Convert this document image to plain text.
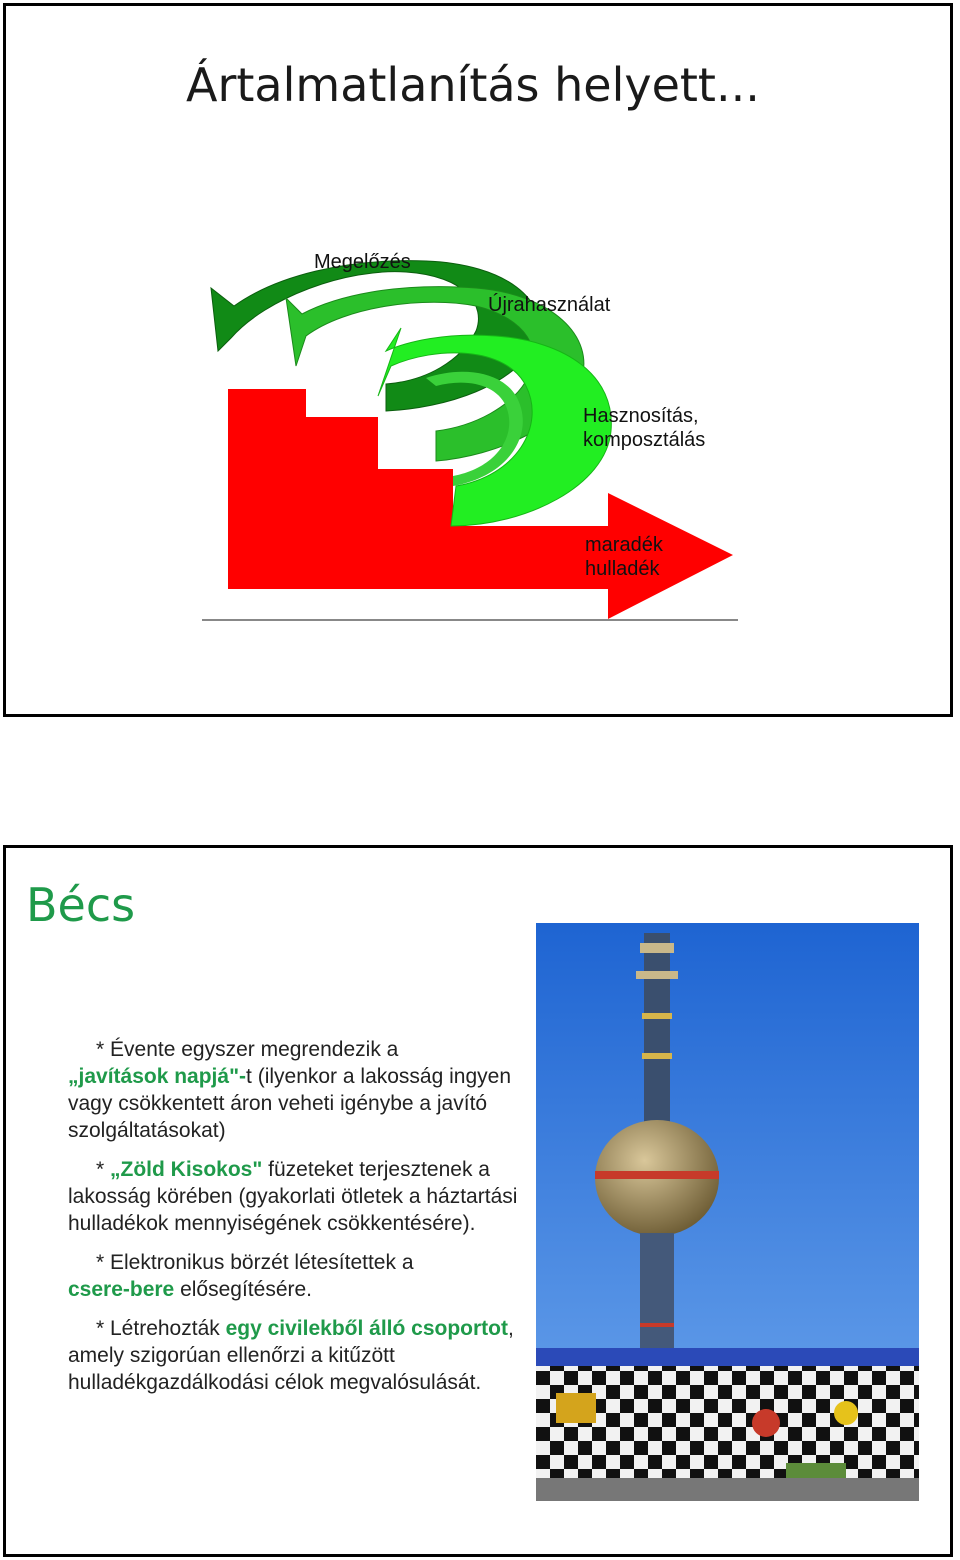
Ártalmatlanítás helyett...
Megelőzés
Újrahasználat
Hasznosítás,
komposztálás
maradék
hulladék
Bécs

* Évente egyszer megrendezik a
„javítások napjá"-t (ilyenkor a lakosság ingyen vagy csökkentett áron veheti igénybe a javító szolgáltatásokat)

* „Zöld Kisokos" füzeteket terjesztenek a lakosság körében (gyakorlati ötletek a háztartási hulladékok mennyiségének csökkentésére).

* Elektronikus börzét létesítettek a
csere-bere elősegítésére.

* Létrehozták egy civilekből álló csoportot, amely szigorúan ellenőrzi a kitűzött hulladékgazdálkodási célok megvalósulását.
